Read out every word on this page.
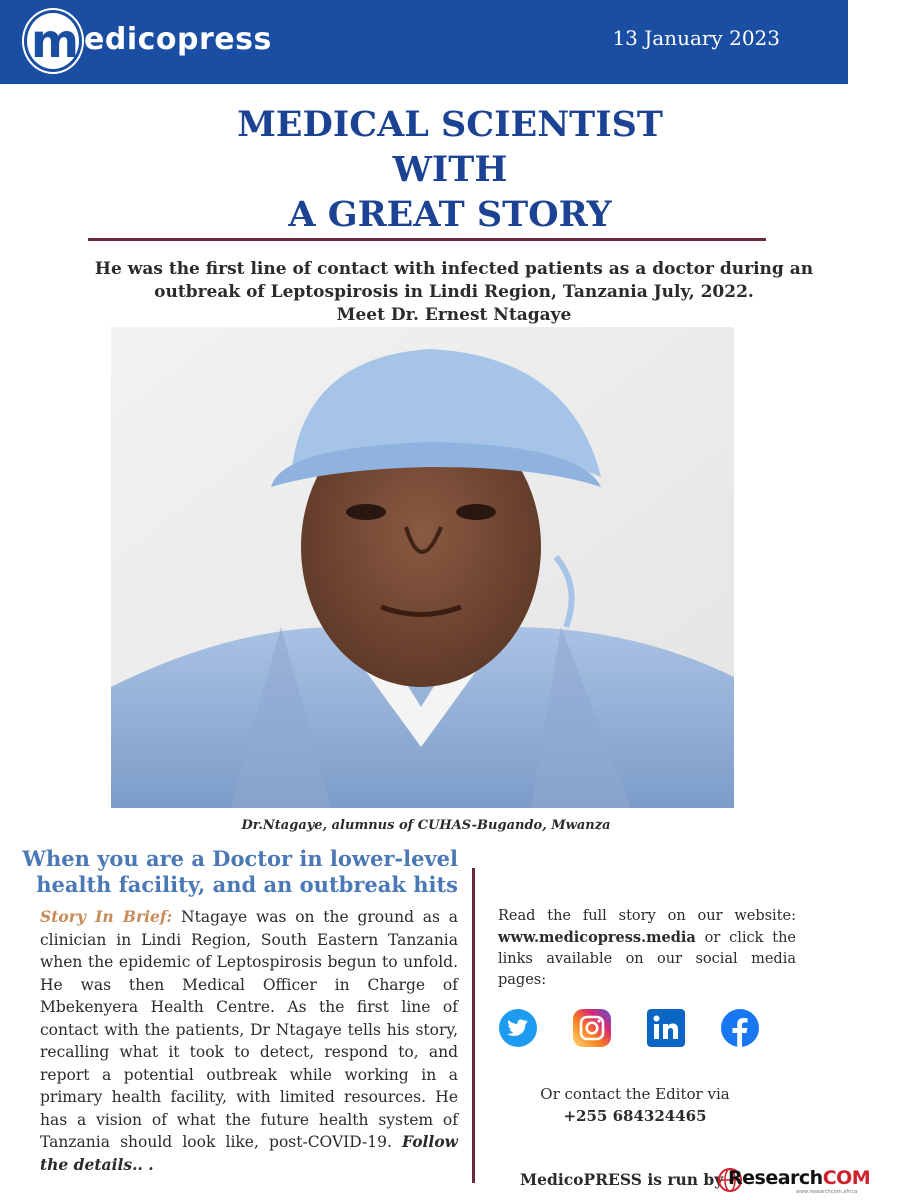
m edicopress	13 January 2023
MEDICAL SCIENTIST
WITH
A GREAT STORY
He was the first line of contact with infected patients as a doctor during an
outbreak of Leptospirosis in Lindi Region, Tanzania July, 2022.
Meet Dr. Ernest Ntagaye
Dr.Ntagaye, alumnus of CUHAS-Bugando, Mwanza
When you are a Doctor in lower-level
health facility, and an outbreak hits
Story In Brief: Ntagaye was on the ground as a clinician in Lindi Region, South Eastern Tanzania when the epidemic of Leptospirosis begun to unfold. He was then Medical Officer in Charge of Mbekenyera Health Centre. As the first line of contact with the patients, Dr Ntagaye tells his story, recalling what it took to detect, respond to, and report a potential outbreak while working in a primary health facility, with limited resources. He has a vision of what the future health system of Tanzania should look like, post-COVID-19. Follow the details.. .
Read the full story on our website: www.medicopress.media or click the links available on our social media pages:
Or contact the Editor via
+255 684324465
MedicoPRESS is run by ResearchCOM
www.researchcom.africa
